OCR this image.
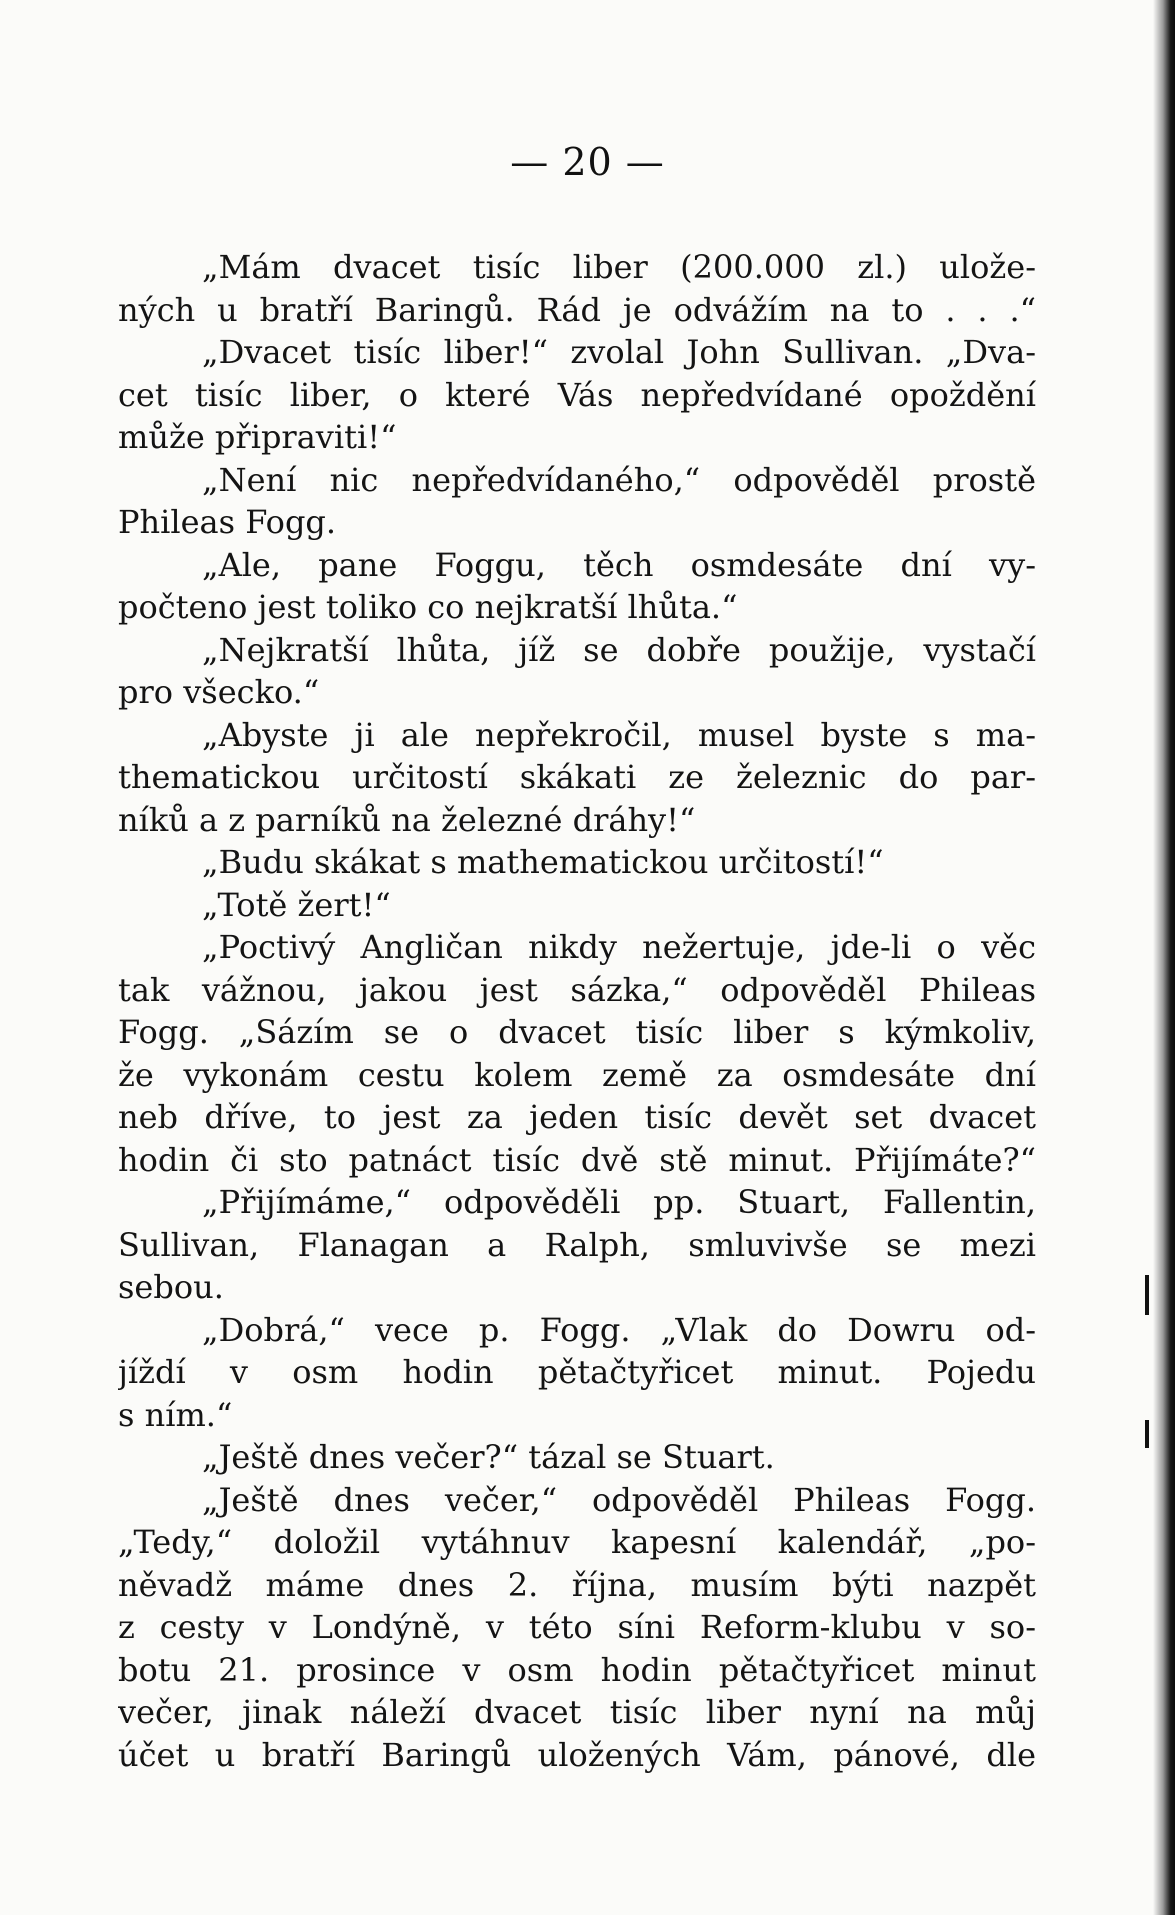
— 20 —
„Mám dvacet tisíc liber (200.000 zl.) ulože-
ných u bratří Baringů. Rád je odvážím na to . . .“
„Dvacet tisíc liber!“ zvolal John Sullivan. „Dva-
cet tisíc liber, o které Vás nepředvídané opoždění
může připraviti!“
„Není nic nepředvídaného,“ odpověděl prostě
Phileas Fogg.
„Ale, pane Foggu, těch osmdesáte dní vy-
počteno jest toliko co nejkratší lhůta.“
„Nejkratší lhůta, jíž se dobře použije, vystačí
pro všecko.“
„Abyste ji ale nepřekročil, musel byste s ma-
thematickou určitostí skákati ze železnic do par-
níků a z parníků na železné dráhy!“
„Budu skákat s mathematickou určitostí!“
„Totě žert!“
„Poctivý Angličan nikdy nežertuje, jde-li o věc
tak vážnou, jakou jest sázka,“ odpověděl Phileas
Fogg. „Sázím se o dvacet tisíc liber s kýmkoliv,
že vykonám cestu kolem země za osmdesáte dní
neb dříve, to jest za jeden tisíc devět set dvacet
hodin či sto patnáct tisíc dvě stě minut. Přijímáte?“
„Přijímáme,“ odpověděli pp. Stuart, Fallentin,
Sullivan, Flanagan a Ralph, smluvivše se mezi
sebou.
„Dobrá,“ vece p. Fogg. „Vlak do Dowru od-
jíždí v osm hodin pětačtyřicet minut. Pojedu
s ním.“
„Ještě dnes večer?“ tázal se Stuart.
„Ještě dnes večer,“ odpověděl Phileas Fogg.
„Tedy,“ doložil vytáhnuv kapesní kalendář, „po-
něvadž máme dnes 2. října, musím býti nazpět
z cesty v Londýně, v této síni Reform-klubu v so-
botu 21. prosince v osm hodin pětačtyřicet minut
večer, jinak náleží dvacet tisíc liber nyní na můj
účet u bratří Baringů uložených Vám, pánové, dle
